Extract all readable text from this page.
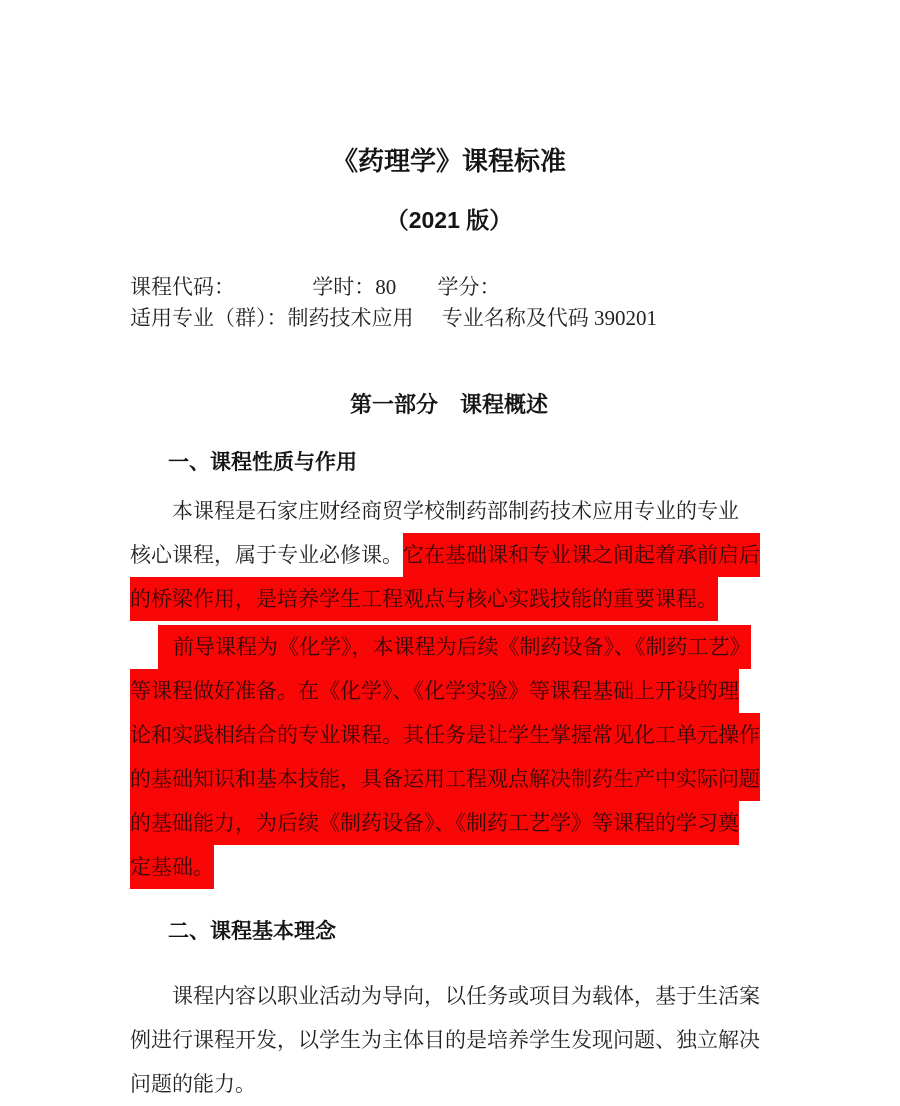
《药理学》课程标准
（2021 版）
课程代码：	学时：80 学分：
适用专业（群）：制药技术应用 专业名称及代码 390201
第一部分　课程概述
一、课程性质与作用
本课程是石家庄财经商贸学校制药部制药技术应用专业的专业
核心课程，属于专业必修课。它在基础课和专业课之间起着承前启后
的桥梁作用，是培养学生工程观点与核心实践技能的重要课程。
前导课程为《化学》，本课程为后续《制药设备》、《制药工艺》
等课程做好准备。在《化学》、《化学实验》等课程基础上开设的理
论和实践相结合的专业课程。其任务是让学生掌握常见化工单元操作
的基础知识和基本技能，具备运用工程观点解决制药生产中实际问题
的基础能力，为后续《制药设备》、《制药工艺学》等课程的学习奠
定基础。
二、课程基本理念
课程内容以职业活动为导向，以任务或项目为载体，基于生活案
例进行课程开发，以学生为主体目的是培养学生发现问题、独立解决
问题的能力。
